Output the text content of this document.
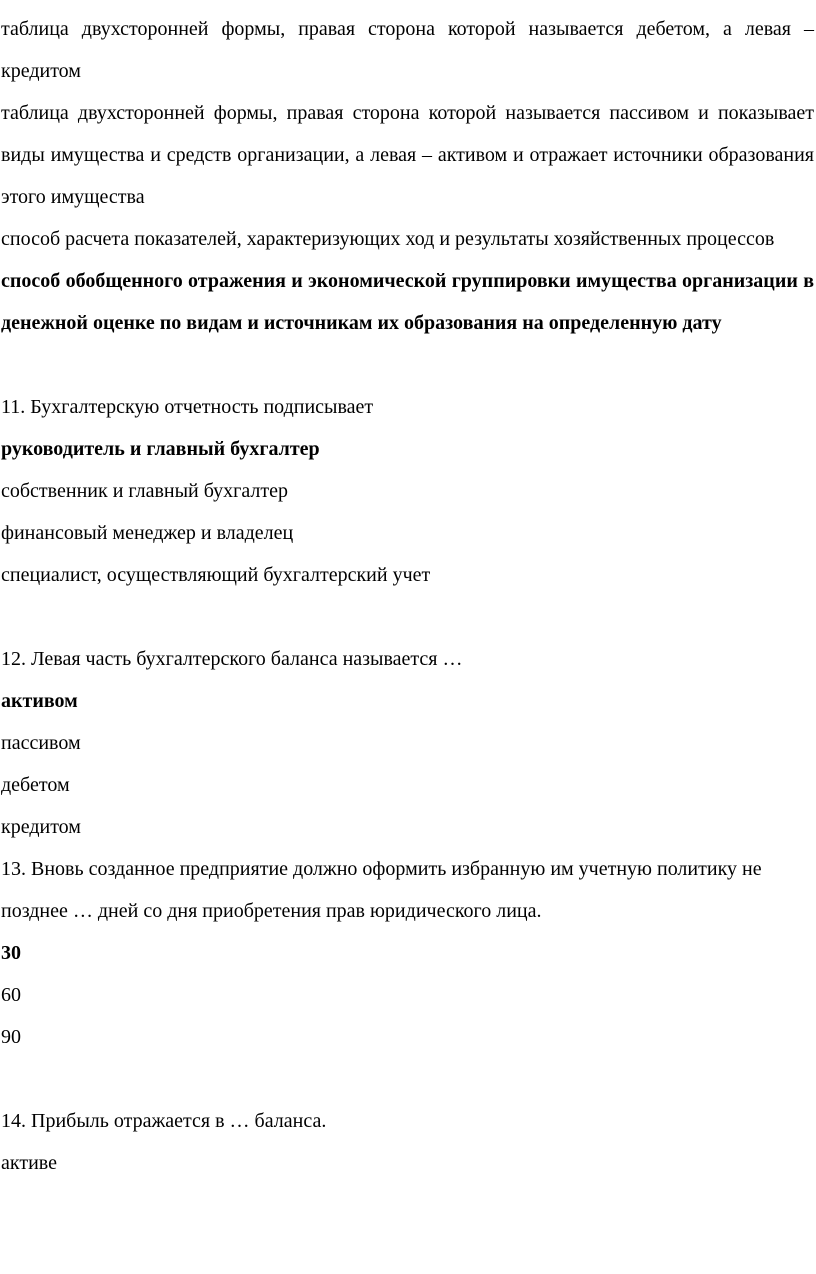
таблица двухсторонней формы, правая сторона которой называется дебетом, а левая – кредитом

таблица двухсторонней формы, правая сторона которой называется пассивом и показывает виды имущества и средств организации, а левая – активом и отражает источники образования этого имущества

способ расчета показателей, характеризующих ход и результаты хозяйственных процессов

способ обобщенного отражения и экономической группировки имущества организации в денежной оценке по видам и источникам их образования на определенную дату

11. Бухгалтерскую отчетность подписывает

руководитель и главный бухгалтер

собственник и главный бухгалтер

финансовый менеджер и владелец

специалист, осуществляющий бухгалтерский учет

12. Левая часть бухгалтерского баланса называется …

активом

пассивом

дебетом

кредитом

13. Вновь созданное предприятие должно оформить избранную им учетную политику не позднее … дней со дня приобретения прав юридического лица.

30

60

90

14. Прибыль отражается в … баланса.

активе
